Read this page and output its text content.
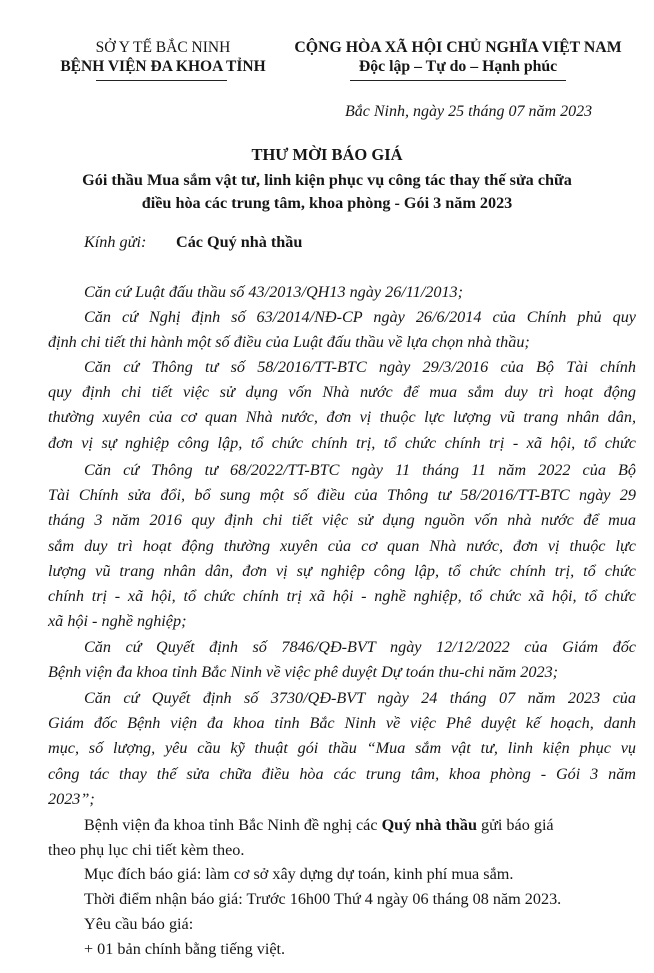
SỞ Y TẾ BẮC NINH
BỆNH VIỆN ĐA KHOA TỈNH
CỘNG HÒA XÃ HỘI CHỦ NGHĨA VIỆT NAM
Độc lập – Tự do – Hạnh phúc
Bắc Ninh, ngày 25 tháng 07 năm 2023
THƯ MỜI BÁO GIÁ
Gói thầu Mua sắm vật tư, linh kiện phục vụ công tác thay thế sửa chữa
điều hòa các trung tâm, khoa phòng - Gói 3 năm 2023
Kính gửi: Các Quý nhà thầu
Căn cứ Luật đấu thầu số 43/2013/QH13 ngày 26/11/2013;
Căn cứ Nghị định số 63/2014/NĐ-CP ngày 26/6/2014 của Chính phủ quy
định chi tiết thi hành một số điều của Luật đấu thầu về lựa chọn nhà thầu;
Căn cứ Thông tư số 58/2016/TT-BTC ngày 29/3/2016 của Bộ Tài chính
quy định chi tiết việc sử dụng vốn Nhà nước để mua sắm duy trì hoạt động
thường xuyên của cơ quan Nhà nước, đơn vị thuộc lực lượng vũ trang nhân dân,
đơn vị sự nghiệp công lập, tổ chức chính trị, tổ chức chính trị - xã hội, tổ chức
Căn cứ Thông tư 68/2022/TT-BTC ngày 11 tháng 11 năm 2022 của Bộ
Tài Chính sửa đổi, bổ sung một số điều của Thông tư 58/2016/TT-BTC ngày 29
tháng 3 năm 2016 quy định chi tiết việc sử dụng nguồn vốn nhà nước để mua
sắm duy trì hoạt động thường xuyên của cơ quan Nhà nước, đơn vị thuộc lực
lượng vũ trang nhân dân, đơn vị sự nghiệp công lập, tổ chức chính trị, tổ chức
chính trị - xã hội, tổ chức chính trị xã hội - nghề nghiệp, tổ chức xã hội, tổ chức
xã hội - nghề nghiệp;
Căn cứ Quyết định số 7846/QĐ-BVT ngày 12/12/2022 của Giám đốc
Bệnh viện đa khoa tỉnh Bắc Ninh về việc phê duyệt Dự toán thu-chi năm 2023;
Căn cứ Quyết định số 3730/QĐ-BVT ngày 24 tháng 07 năm 2023 của
Giám đốc Bệnh viện đa khoa tỉnh Bắc Ninh về việc Phê duyệt kế hoạch, danh
mục, số lượng, yêu cầu kỹ thuật gói thầu “Mua sắm vật tư, linh kiện phục vụ
công tác thay thế sửa chữa điều hòa các trung tâm, khoa phòng - Gói 3 năm
2023”;
Bệnh viện đa khoa tỉnh Bắc Ninh đề nghị các Quý nhà thầu gửi báo giá
theo phụ lục chi tiết kèm theo.
Mục đích báo giá: làm cơ sở xây dựng dự toán, kinh phí mua sắm.
Thời điểm nhận báo giá: Trước 16h00 Thứ 4 ngày 06 tháng 08 năm 2023.
Yêu cầu báo giá:
+ 01 bản chính bằng tiếng việt.
